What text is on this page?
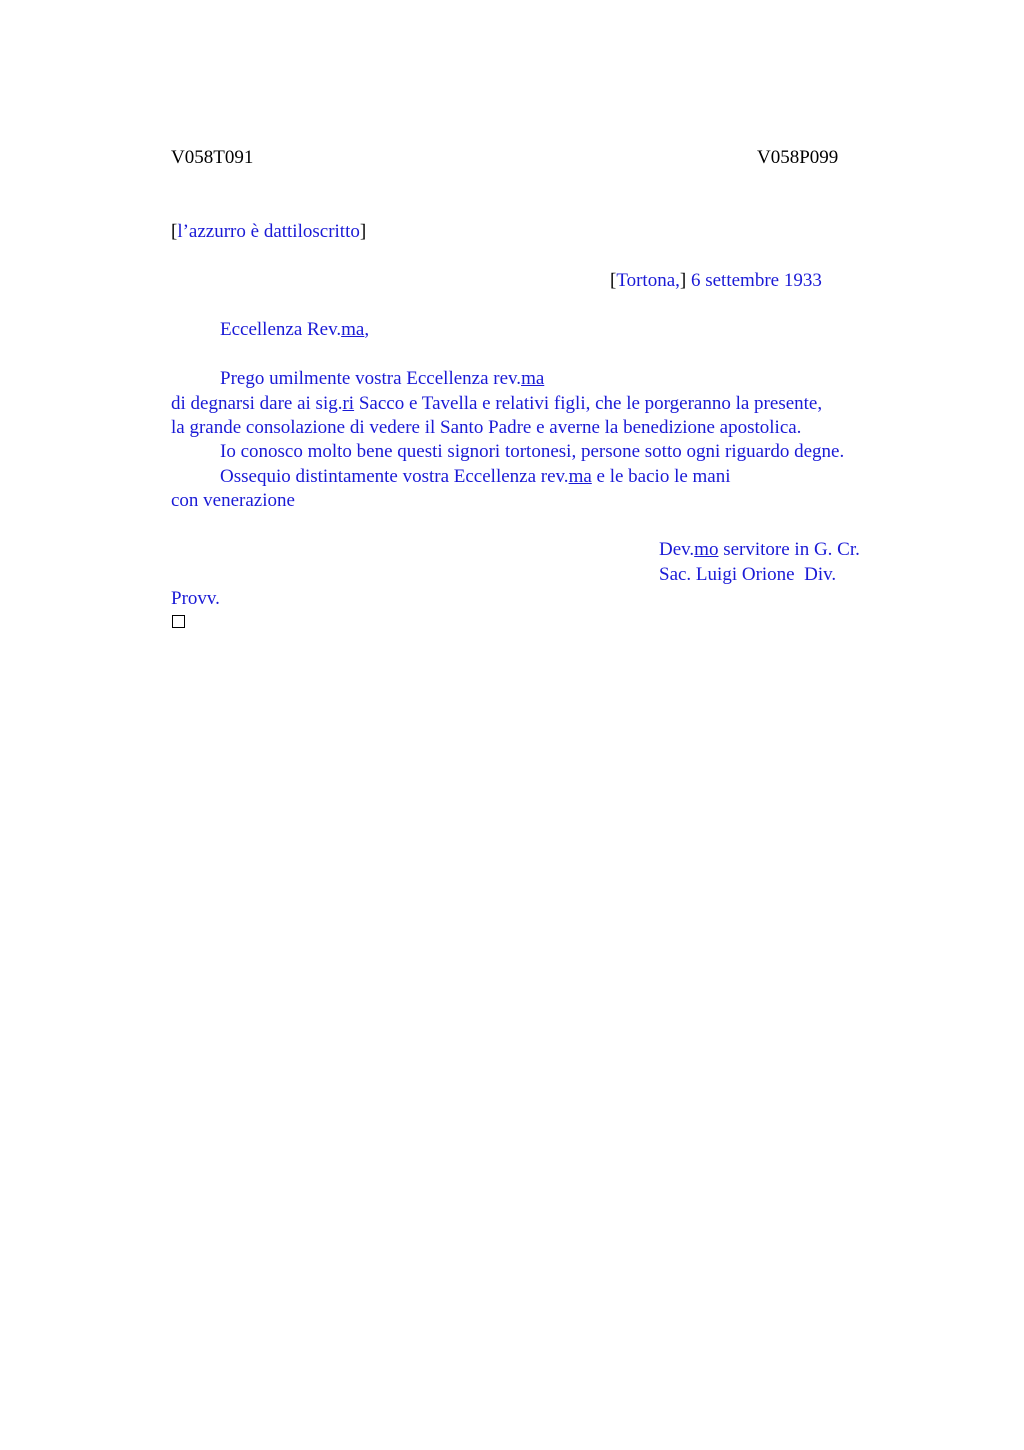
V058T091	V058P099
[l’azzurro è dattiloscritto]
[Tortona,] 6 settembre 1933
Eccellenza Rev.ma,
Prego umilmente vostra Eccellenza rev.ma
di degnarsi dare ai sig.ri Sacco e Tavella e relativi figli, che le porgeranno la presente,
la grande consolazione di vedere il Santo Padre e averne la benedizione apostolica.
Io conosco molto bene questi signori tortonesi, persone sotto ogni riguardo degne.
Ossequio distintamente vostra Eccellenza rev.ma e le bacio le mani
con venerazione
Dev.mo servitore in G. Cr.
Sac. Luigi Orione  Div.
Provv.
